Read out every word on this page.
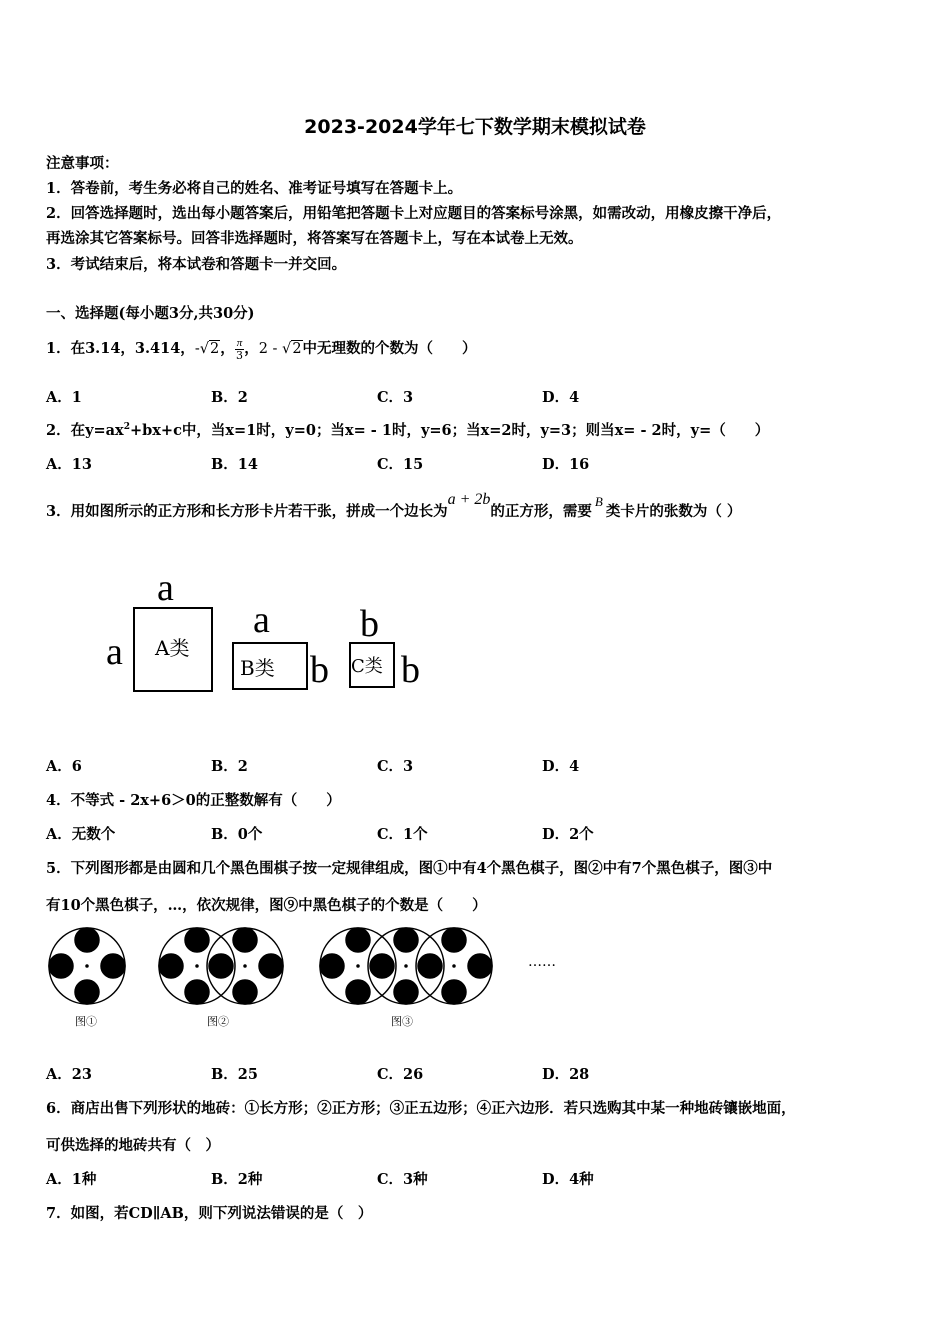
2023-2024学年七下数学期末模拟试卷
注意事项：
1．答卷前，考生务必将自己的姓名、准考证号填写在答题卡上。
2．回答选择题时，选出每小题答案后，用铅笔把答题卡上对应题目的答案标号涂黑，如需改动，用橡皮擦干净后，
再选涂其它答案标号。回答非选择题时，将答案写在答题卡上，写在本试卷上无效。
3．考试结束后，将本试卷和答题卡一并交回。
一、选择题(每小题3分,共30分)
1．在3.14，3.414，-√2， $\frac{\pi}{3}$ ，2 - √2中无理数的个数为（　　）
A．1	B．2	C．3	D．4
2．在$y=ax^2+bx+c$中，当x=1时，y=0；当x= - 1时，y=6；当x=2时，y=3；则当x= - 2时，y=（　　）
A．13	B．14	C．15	D．16
3．用如图所示的正方形和长方形卡片若干张，拼成一个边长为a + 2b的正方形，需要B类卡片的张数为（ ）
a
a A类
a
B类 b
b
C类 b
A．6	B．2	C．3	D．4
4．不等式 - 2x+6＞0的正整数解有（　　）
A．无数个	B．0个	C．1个	D．2个
5．下列图形都是由圆和几个黑色围棋子按一定规律组成，图①中有4个黑色棋子，图②中有7个黑色棋子，图③中
有10个黑色棋子，…，依次规律，图⑨中黑色棋子的个数是（　　）
图①	图②	图③
……
A．23	B．25	C．26	D．28
6．商店出售下列形状的地砖：①长方形；②正方形；③正五边形；④正六边形．若只选购其中某一种地砖镶嵌地面，
可供选择的地砖共有（　）
A．1种	B．2种	C．3种	D．4种
7．如图，若CD∥AB，则下列说法错误的是（　）
